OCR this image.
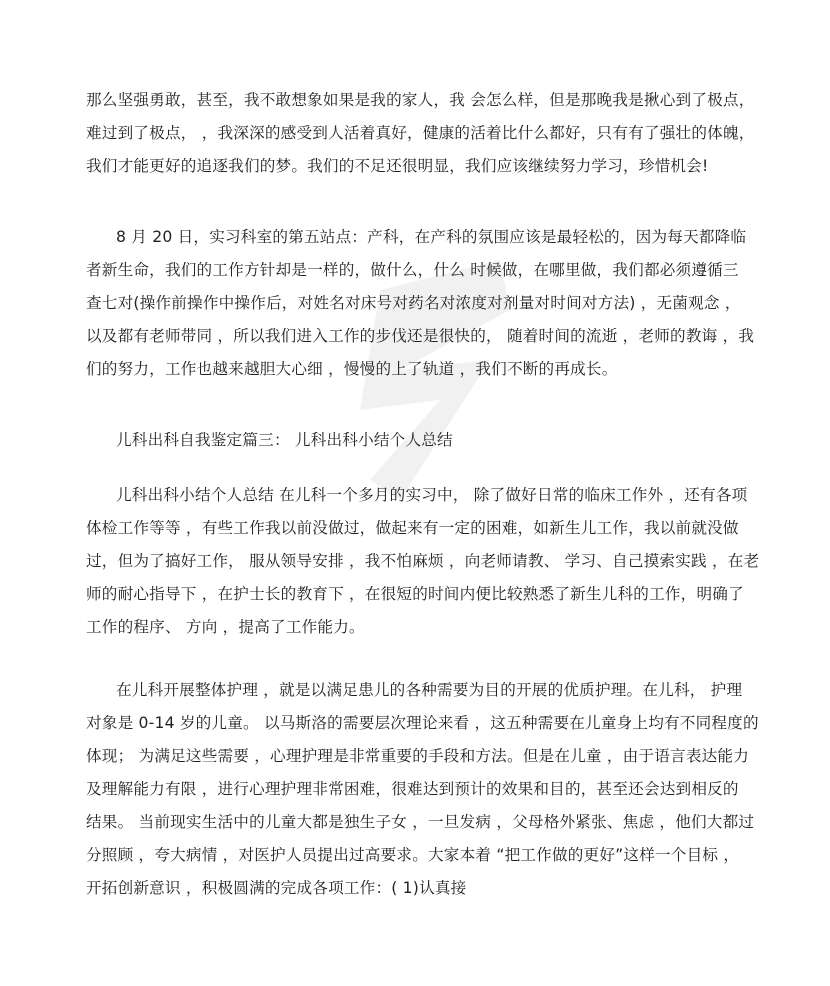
那么坚强勇敢，甚至，我不敢想象如果是我的家人，我 会怎么样，但是那晚我是揪心到了极点，
难过到了极点， ，我深深的感受到人活着真好，健康的活着比什么都好，只有有了强壮的体魄，
我们才能更好的追逐我们的梦。我们的不足还很明显，我们应该继续努力学习，珍惜机会!
8 月 20 日，实习科室的第五站点：产科，在产科的氛围应该是最轻松的，因为每天都降临
者新生命，我们的工作方针却是一样的，做什么，什么 时候做，在哪里做，我们都必须遵循三
查七对(操作前操作中操作后，对姓名对床号对药名对浓度对剂量对时间对方法) ，无菌观念 ，
以及都有老师带同 ，所以我们进入工作的步伐还是很快的， 随着时间的流逝 ，老师的教诲 ，我
们的努力，工作也越来越胆大心细 ，慢慢的上了轨道 ，我们不断的再成长。
儿科出科自我鉴定篇三： 儿科出科小结个人总结
儿科出科小结个人总结 在儿科一个多月的实习中， 除了做好日常的临床工作外 ，还有各项
体检工作等等 ，有些工作我以前没做过，做起来有一定的困难，如新生儿工作，我以前就没做
过，但为了搞好工作， 服从领导安排 ，我不怕麻烦 ，向老师请教、 学习、自己摸索实践 ，在老
师的耐心指导下 ，在护士长的教育下 ，在很短的时间内便比较熟悉了新生儿科的工作，明确了
工作的程序、 方向 ，提高了工作能力。
在儿科开展整体护理 ，就是以满足患儿的各种需要为目的开展的优质护理。在儿科， 护理
对象是 0-14 岁的儿童。 以马斯洛的需要层次理论来看 ，这五种需要在儿童身上均有不同程度的
体现； 为满足这些需要 ，心理护理是非常重要的手段和方法。但是在儿童 ，由于语言表达能力
及理解能力有限 ，进行心理护理非常困难，很难达到预计的效果和目的，甚至还会达到相反的
结果。 当前现实生活中的儿童大都是独生子女 ，一旦发病 ，父母格外紧张、焦虑 ，他们大都过
分照顾 ，夸大病情 ，对医护人员提出过高要求。大家本着 “把工作做的更好”这样一个目标 ，
开拓创新意识 ，积极圆满的完成各项工作：( 1)认真接
